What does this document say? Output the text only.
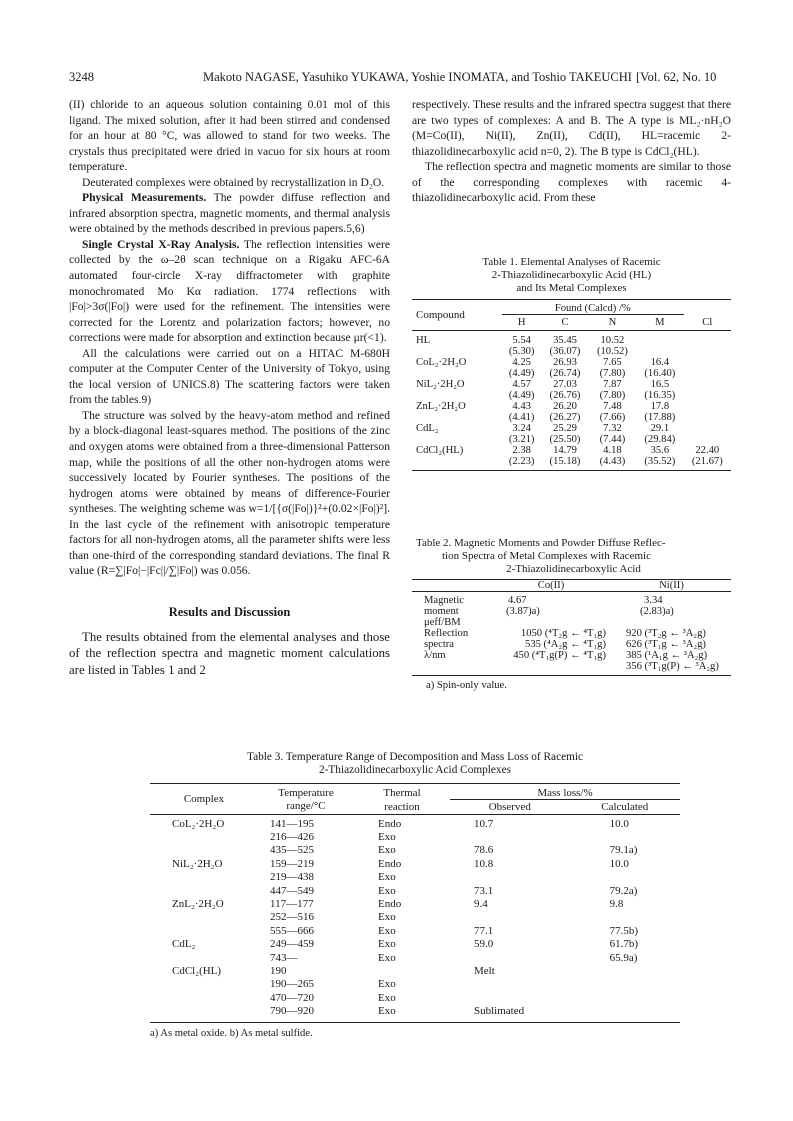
3248	Makoto NAGASE, Yasuhiko YUKAWA, Yoshie INOMATA, and Toshio TAKEUCHI [Vol. 62, No. 10

(II) chloride to an aqueous solution containing 0.01 mol of this ligand. The mixed solution, after it had been stirred and condensed for an hour at 80 °C, was allowed to stand for two weeks. The crystals thus precipitated were dried in vacuo for six hours at room temperature.

Deuterated complexes were obtained by recrystallization in D₂O.

Physical Measurements. The powder diffuse reflection and infrared absorption spectra, magnetic moments, and thermal analysis were obtained by the methods described in previous papers.5,6)

Single Crystal X-Ray Analysis. The reflection intensities were collected by the ω–2θ scan technique on a Rigaku AFC-6A automated four-circle X-ray diffractometer with graphite monochromated Mo Kα radiation. 1774 reflections with |Fo|>3σ(|Fo|) were used for the refinement. The intensities were corrected for the Lorentz and polarization factors; however, no corrections were made for absorption and extinction because μr(<1).

All the calculations were carried out on a HITAC M-680H computer at the Computer Center of the University of Tokyo, using the local version of UNICS.8) The scattering factors were taken from the tables.9)

The structure was solved by the heavy-atom method and refined by a block-diagonal least-squares method. The positions of the zinc and oxygen atoms were obtained from a three-dimensional Patterson map, while the positions of all the other non-hydrogen atoms were successively located by Fourier syntheses. The positions of the hydrogen atoms were obtained by means of difference-Fourier syntheses. The weighting scheme was w=1/[{σ(|Fo|)}²+(0.02×|Fo|)²]. In the last cycle of the refinement with anisotropic temperature factors for all non-hydrogen atoms, all the parameter shifts were less than one-third of the corresponding standard deviations. The final R value (R=∑|Fo|−|Fc||/∑|Fo|) was 0.056.

Results and Discussion

The results obtained from the elemental analyses and those of the reflection spectra and magnetic moment calculations are listed in Tables 1 and 2

respectively. These results and the infrared spectra suggest that there are two types of complexes: A and B. The A type is ML₂·nH₂O (M=Co(II), Ni(II), Zn(II), Cd(II), HL=racemic 2-thiazolidinecarboxylic acid n=0, 2). The B type is CdCl₂(HL).

The reflection spectra and magnetic moments are similar to those of the corresponding complexes with racemic 4-thiazolidinecarboxylic acid. From these

Table 1. Elemental Analyses of Racemic
2-Thiazolidinecarboxylic Acid (HL)
and Its Metal Complexes
Compound	Found (Calcd) /%				
	H	C	N	M	Cl
HL	5.54	35.45	10.52		
	(5.30)	(36.07)	(10.52)		
CoL₂·2H₂O	4.25	26.93	7.65	16.4	
	(4.49)	(26.74)	(7.80)	(16.40)	
NiL₂·2H₂O	4.57	27.03	7.87	16.5	
	(4.49)	(26.76)	(7.80)	(16.35)	
ZnL₂·2H₂O	4.43	26.20	7.48	17.8	
	(4.41)	(26.27)	(7.66)	(17.88)	
CdL₂	3.24	25.29	7.32	29.1	
	(3.21)	(25.50)	(7.44)	(29.84)	
CdCl₂(HL)	2.38	14.79	4.18	35.6	22.40
	(2.23)	(15.18)	(4.43)	(35.52)	(21.67)
Table 2. Magnetic Moments and Powder Diffuse Reflec-
tion Spectra of Metal Complexes with Racemic
2-Thiazolidinecarboxylic Acid
	Co(II)	Ni(II)
Magnetic	4.67	3.34
moment	(3.87)a)	(2.83)a)
μeff/BM		
Reflection	1050 (⁴T₂g ← ⁴T₁g)	920 (³T₂g ← ³A₂g)
spectra	535 (⁴A₂g ← ⁴T₁g)	626 (³T₁g ← ³A₂g)
λ/nm	450 (⁴T₁g(P) ← ⁴T₁g)	385 (¹A₁g ← ³A₂g)
		356 (³T₁g(P) ← ³A₂g)
a) Spin-only value.
Table 3. Temperature Range of Decomposition and Mass Loss of Racemic
2-Thiazolidinecarboxylic Acid Complexes
Complex	Temperature	Thermal	Mass loss/%	
	range/°C	reaction	Observed	Calculated
CoL₂·2H₂O	141—195	Endo	10.7	10.0
	216—426	Exo		
	435—525	Exo	78.6	79.1a)
NiL₂·2H₂O	159—219	Endo	10.8	10.0
	219—438	Exo		
	447—549	Exo	73.1	79.2a)
ZnL₂·2H₂O	117—177	Endo	9.4	9.8
	252—516	Exo		
	555—666	Exo	77.1	77.5b)
CdL₂	249—459	Exo	59.0	61.7b)
	743—	Exo		65.9a)
CdCl₂(HL)	190		Melt	
	190—265	Exo		
	470—720	Exo		
	790—920	Exo	Sublimated	
a) As metal oxide. b) As metal sulfide.
